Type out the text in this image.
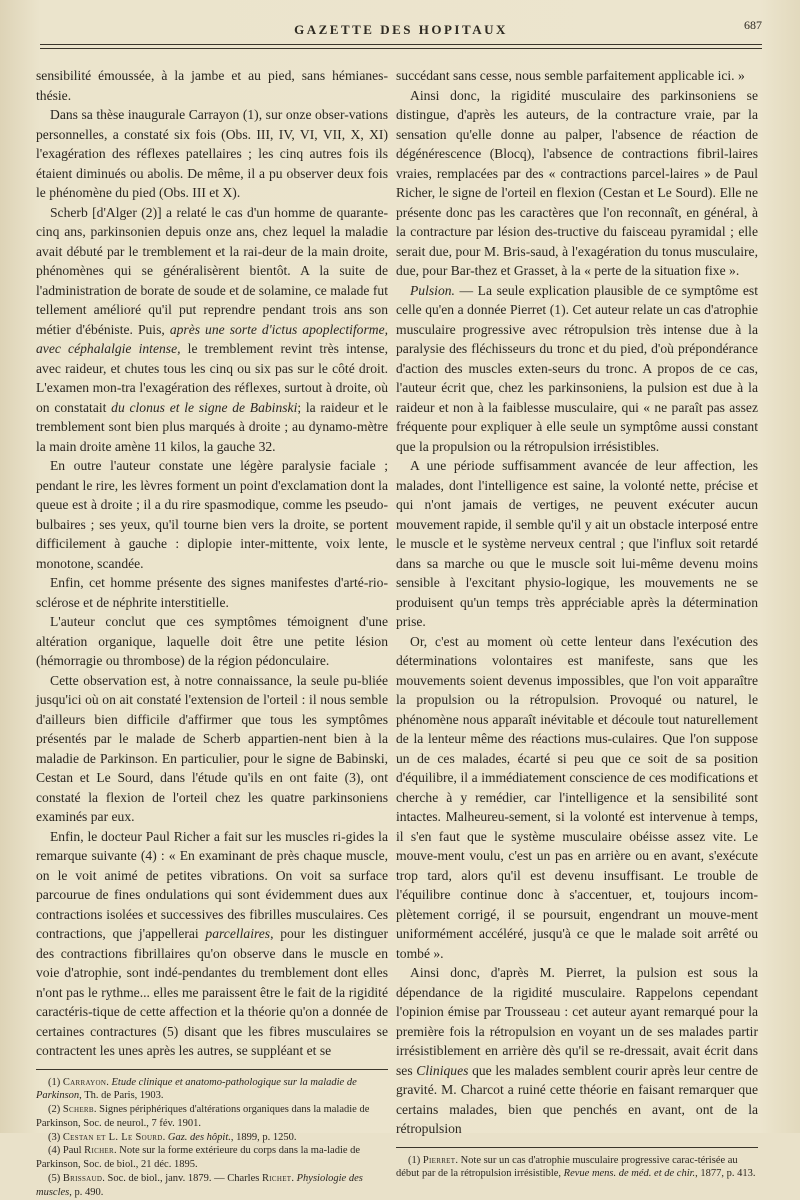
GAZETTE DES HOPITAUX	687

sensibilité émoussée, à la jambe et au pied, sans hémianes-thésie.

Dans sa thèse inaugurale Carrayon (1), sur onze obser-vations personnelles, a constaté six fois (Obs. III, IV, VI, VII, X, XI) l'exagération des réflexes patellaires ; les cinq autres fois ils étaient diminués ou abolis. De même, il a pu observer deux fois le phénomène du pied (Obs. III et X).

Scherb [d'Alger (2)] a relaté le cas d'un homme de quarante-cinq ans, parkinsonien depuis onze ans, chez lequel la maladie avait débuté par le tremblement et la rai-deur de la main droite, phénomènes qui se généralisèrent bientôt. A la suite de l'administration de borate de soude et de solamine, ce malade fut tellement amélioré qu'il put reprendre pendant trois ans son métier d'ébéniste. Puis, après une sorte d'ictus apoplectiforme, avec céphalalgie intense, le tremblement revint très intense, avec raideur, et chutes tous les cinq ou six pas sur le côté droit. L'examen mon-tra l'exagération des réflexes, surtout à droite, où on constatait du clonus et le signe de Babinski; la raideur et le tremblement sont bien plus marqués à droite ; au dynamo-mètre la main droite amène 11 kilos, la gauche 32.

En outre l'auteur constate une légère paralysie faciale ; pendant le rire, les lèvres forment un point d'exclamation dont la queue est à droite ; il a du rire spasmodique, comme les pseudo-bulbaires ; ses yeux, qu'il tourne bien vers la droite, se portent difficilement à gauche : diplopie inter-mittente, voix lente, monotone, scandée.

Enfin, cet homme présente des signes manifestes d'arté-rio-sclérose et de néphrite interstitielle.

L'auteur conclut que ces symptômes témoignent d'une altération organique, laquelle doit être une petite lésion (hémorragie ou thrombose) de la région pédonculaire.

Cette observation est, à notre connaissance, la seule pu-bliée jusqu'ici où on ait constaté l'extension de l'orteil : il nous semble d'ailleurs bien difficile d'affirmer que tous les symptômes présentés par le malade de Scherb appartien-nent bien à la maladie de Parkinson. En particulier, pour le signe de Babinski, Cestan et Le Sourd, dans l'étude qu'ils en ont faite (3), ont constaté la flexion de l'orteil chez les quatre parkinsoniens examinés par eux.

Enfin, le docteur Paul Richer a fait sur les muscles ri-gides la remarque suivante (4) : « En examinant de près chaque muscle, on le voit animé de petites vibrations. On voit sa surface parcourue de fines ondulations qui sont évidemment dues aux contractions isolées et successives des fibrilles musculaires. Ces contractions, que j'appellerai parcellaires, pour les distinguer des contractions fibrillaires qu'on observe dans le muscle en voie d'atrophie, sont indé-pendantes du tremblement dont elles n'ont pas le rythme... elles me paraissent être le fait de la rigidité caractéris-tique de cette affection et la théorie qu'on a donnée de certaines contractures (5) disant que les fibres musculaires se contractent les unes après les autres, se suppléant et se

(1) Carrayon. Etude clinique et anatomo-pathologique sur la maladie de Parkinson, Th. de Paris, 1903.
(2) Scherb. Signes périphériques d'altérations organiques dans la maladie de Parkinson, Soc. de neurol., 7 fév. 1901.
(3) Cestan et L. Le Sourd. Gaz. des hôpit., 1899, p. 1250.
(4) Paul Richer. Note sur la forme extérieure du corps dans la ma-ladie de Parkinson, Soc. de biol., 21 déc. 1895.
(5) Brissaud. Soc. de biol., janv. 1879. — Charles Richet. Physiologie des muscles, p. 490.

succédant sans cesse, nous semble parfaitement applicable ici. »

Ainsi donc, la rigidité musculaire des parkinsoniens se distingue, d'après les auteurs, de la contracture vraie, par la sensation qu'elle donne au palper, l'absence de réaction de dégénérescence (Blocq), l'absence de contractions fibril-laires vraies, remplacées par des « contractions parcel-laires » de Paul Richer, le signe de l'orteil en flexion (Cestan et Le Sourd). Elle ne présente donc pas les caractères que l'on reconnaît, en général, à la contracture par lésion des-tructive du faisceau pyramidal ; elle serait due, pour M. Bris-saud, à l'exagération du tonus musculaire, due, pour Bar-thez et Grasset, à la « perte de la situation fixe ».

Pulsion. — La seule explication plausible de ce symptôme est celle qu'en a donnée Pierret (1). Cet auteur relate un cas d'atrophie musculaire progressive avec rétropulsion très intense due à la paralysie des fléchisseurs du tronc et du pied, d'où prépondérance d'action des muscles exten-seurs du tronc. A propos de ce cas, l'auteur écrit que, chez les parkinsoniens, la pulsion est due à la raideur et non à la faiblesse musculaire, qui « ne paraît pas assez fréquente pour expliquer à elle seule un symptôme aussi constant que la propulsion ou la rétropulsion irrésistibles.

A une période suffisamment avancée de leur affection, les malades, dont l'intelligence est saine, la volonté nette, précise et qui n'ont jamais de vertiges, ne peuvent exécuter aucun mouvement rapide, il semble qu'il y ait un obstacle interposé entre le muscle et le système nerveux central ; que l'influx soit retardé dans sa marche ou que le muscle soit lui-même devenu moins sensible à l'excitant physio-logique, les mouvements ne se produisent qu'un temps très appréciable après la détermination prise.

Or, c'est au moment où cette lenteur dans l'exécution des déterminations volontaires est manifeste, sans que les mouvements soient devenus impossibles, que l'on voit apparaître la propulsion ou la rétropulsion. Provoqué ou naturel, le phénomène nous apparaît inévitable et découle tout naturellement de la lenteur même des réactions mus-culaires. Que l'on suppose un de ces malades, écarté si peu que ce soit de sa position d'équilibre, il a immédiatement conscience de ces modifications et cherche à y remédier, car l'intelligence et la sensibilité sont intactes. Malheureu-sement, si la volonté est intervenue à temps, il s'en faut que le système musculaire obéisse assez vite. Le mouve-ment voulu, c'est un pas en arrière ou en avant, s'exécute trop tard, alors qu'il est devenu insuffisant. Le trouble de l'équilibre continue donc à s'accentuer, et, toujours incom-plètement corrigé, il se poursuit, engendrant un mouve-ment uniformément accéléré, jusqu'à ce que le malade soit arrêté ou tombé ».

Ainsi donc, d'après M. Pierret, la pulsion est sous la dépendance de la rigidité musculaire. Rappelons cependant l'opinion émise par Trousseau : cet auteur ayant remarqué pour la première fois la rétropulsion en voyant un de ses malades partir irrésistiblement en arrière dès qu'il se re-dressait, avait écrit dans ses Cliniques que les malades semblent courir après leur centre de gravité. M. Charcot a ruiné cette théorie en faisant remarquer que certains malades, bien que penchés en avant, ont de la rétropulsion

(1) Pierret. Note sur un cas d'atrophie musculaire progressive carac-térisée au début par de la rétropulsion irrésistible, Revue mens. de méd. et de chir., 1877, p. 413.
